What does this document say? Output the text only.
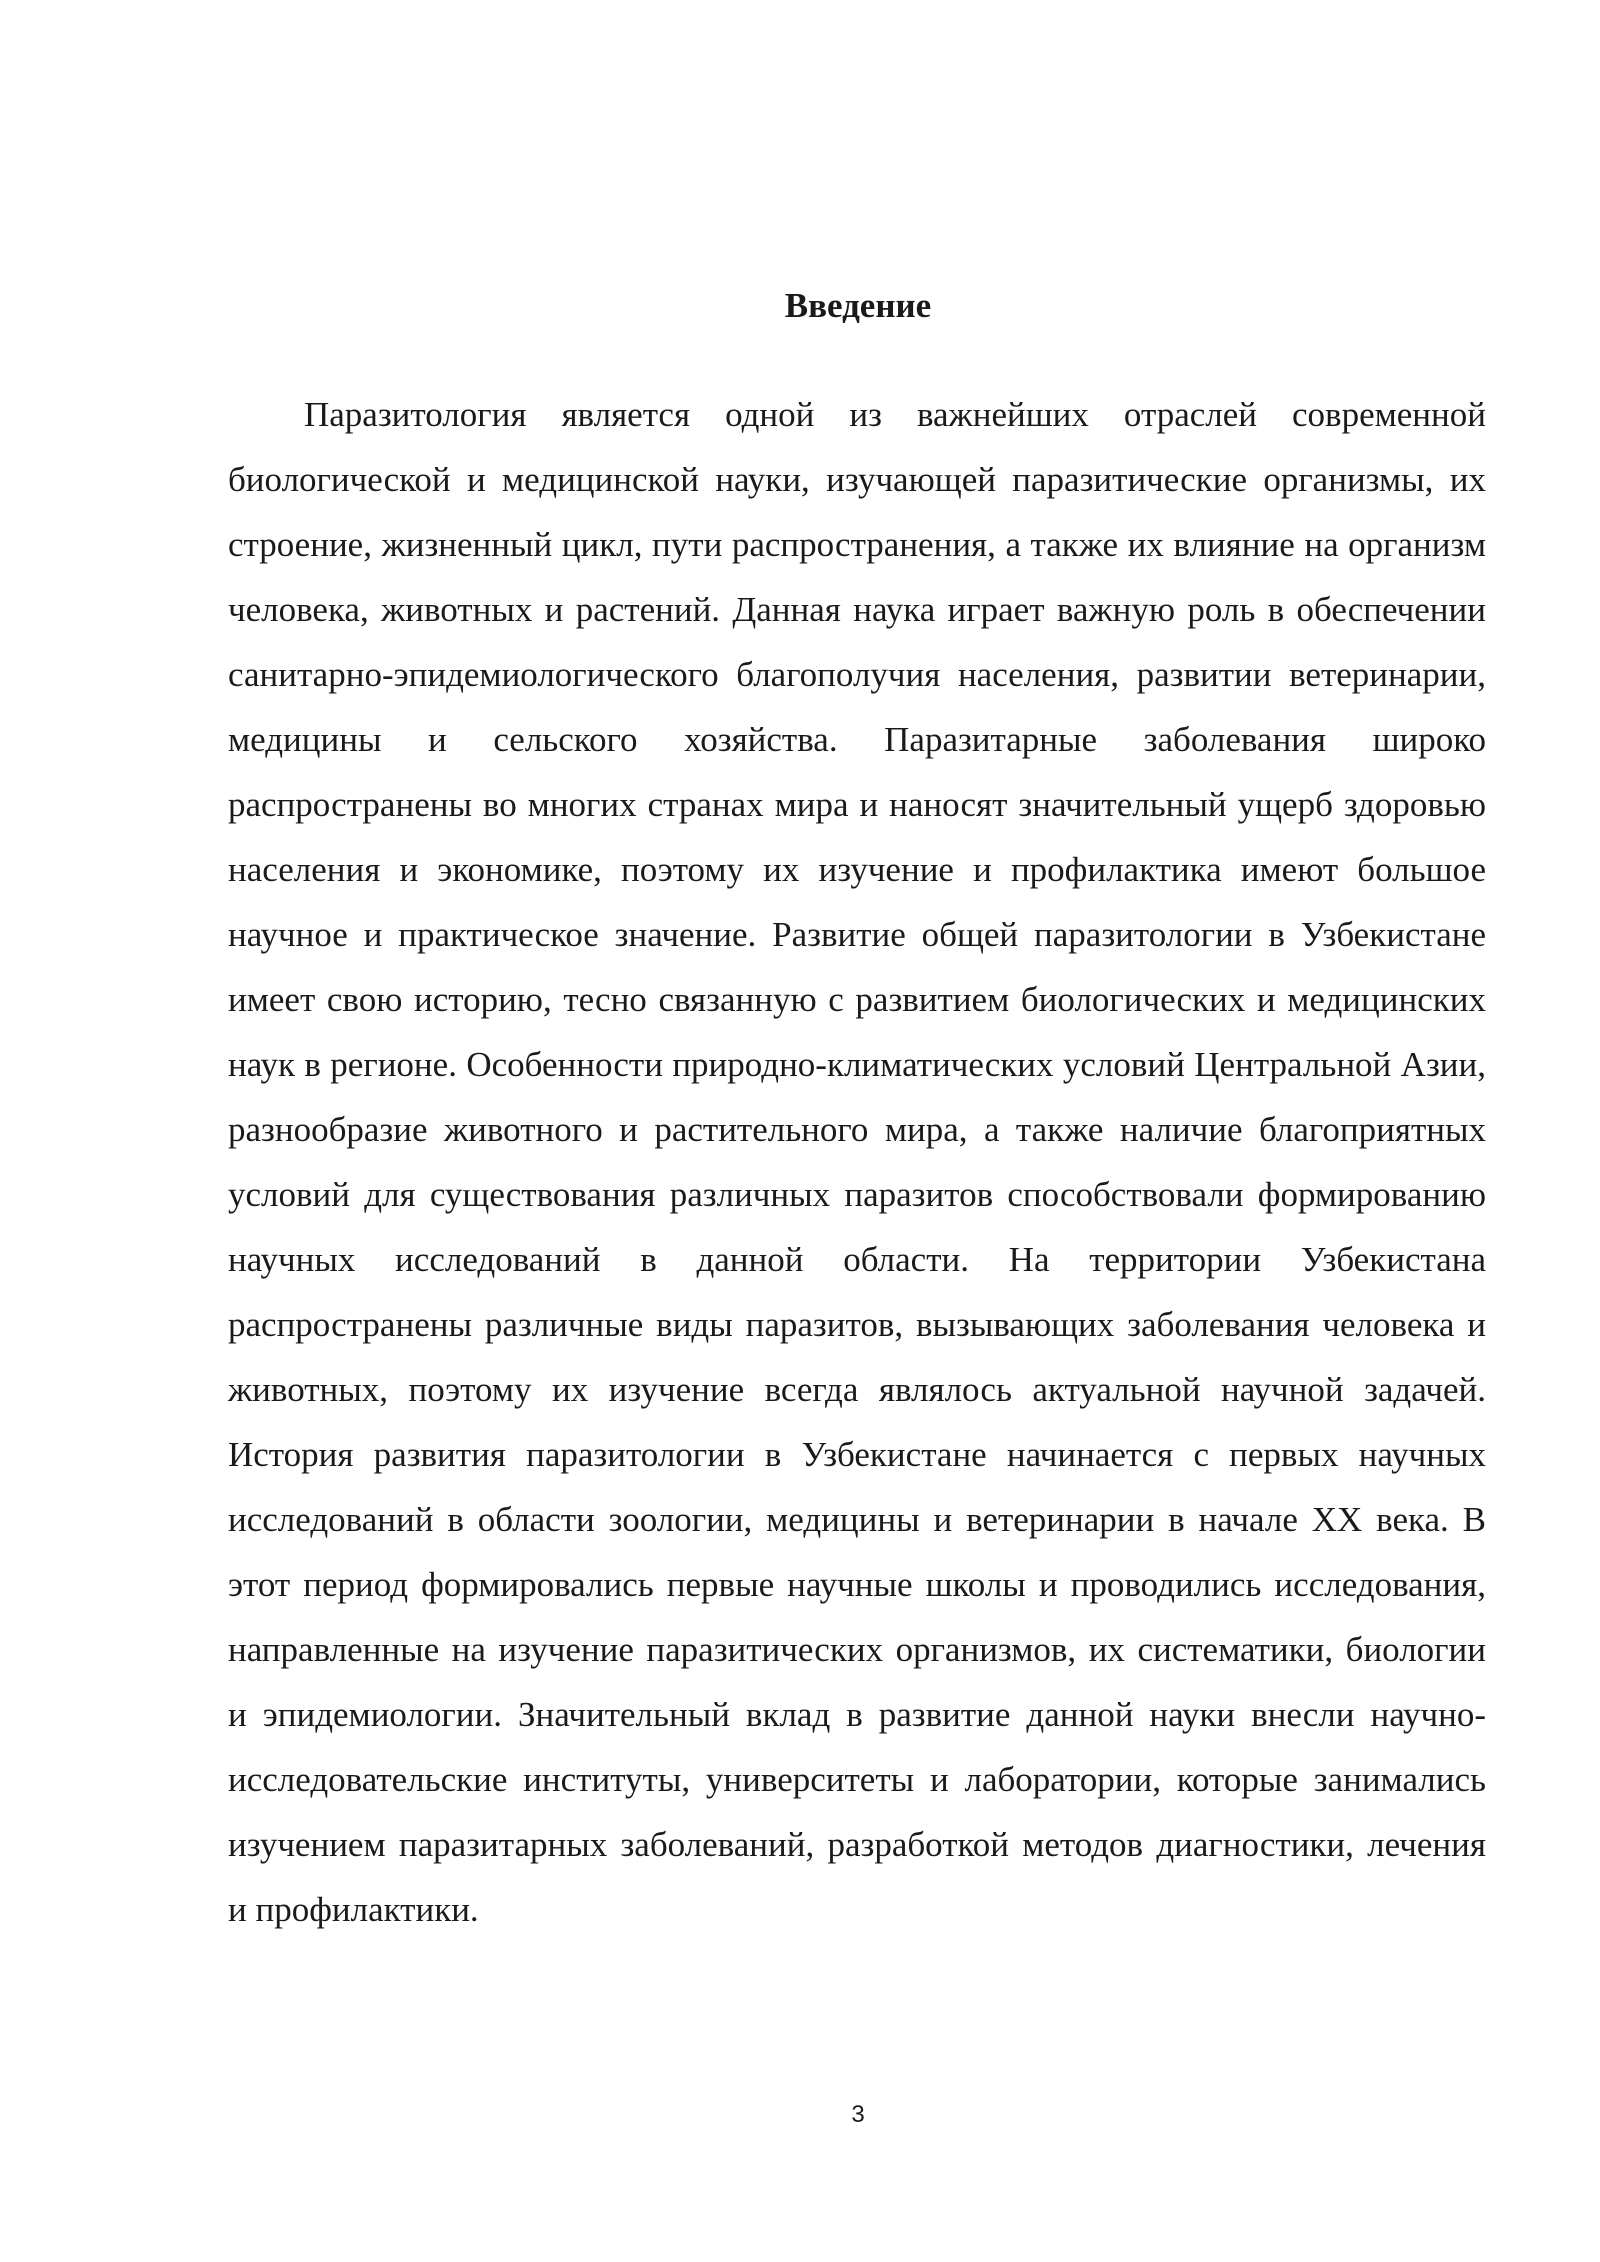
Введение

Паразитология является одной из важнейших отраслей современной биологической и медицинской науки, изучающей паразитические организмы, их строение, жизненный цикл, пути распространения, а также их влияние на организм человека, животных и растений. Данная наука играет важную роль в обеспечении санитарно-эпидемиологического благополучия населения, развитии ветеринарии, медицины и сельского хозяйства. Паразитарные заболевания широко распространены во многих странах мира и наносят значительный ущерб здоровью населения и экономике, поэтому их изучение и профилактика имеют большое научное и практическое значение. Развитие общей паразитологии в Узбекистане имеет свою историю, тесно связанную с развитием биологических и медицинских наук в регионе. Особенности природно-климатических условий Центральной Азии, разнообразие животного и растительного мира, а также наличие благоприятных условий для существования различных паразитов способствовали формированию научных исследований в данной области. На территории Узбекистана распространены различные виды паразитов, вызывающих заболевания человека и животных, поэтому их изучение всегда являлось актуальной научной задачей. История развития паразитологии в Узбекистане начинается с первых научных исследований в области зоологии, медицины и ветеринарии в начале XX века. В этот период формировались первые научные школы и проводились исследования, направленные на изучение паразитических организмов, их систематики, биологии и эпидемиологии. Значительный вклад в развитие данной науки внесли научно-исследовательские институты, университеты и лаборатории, которые занимались изучением паразитарных заболеваний, разработкой методов диагностики, лечения и профилактики.

3
